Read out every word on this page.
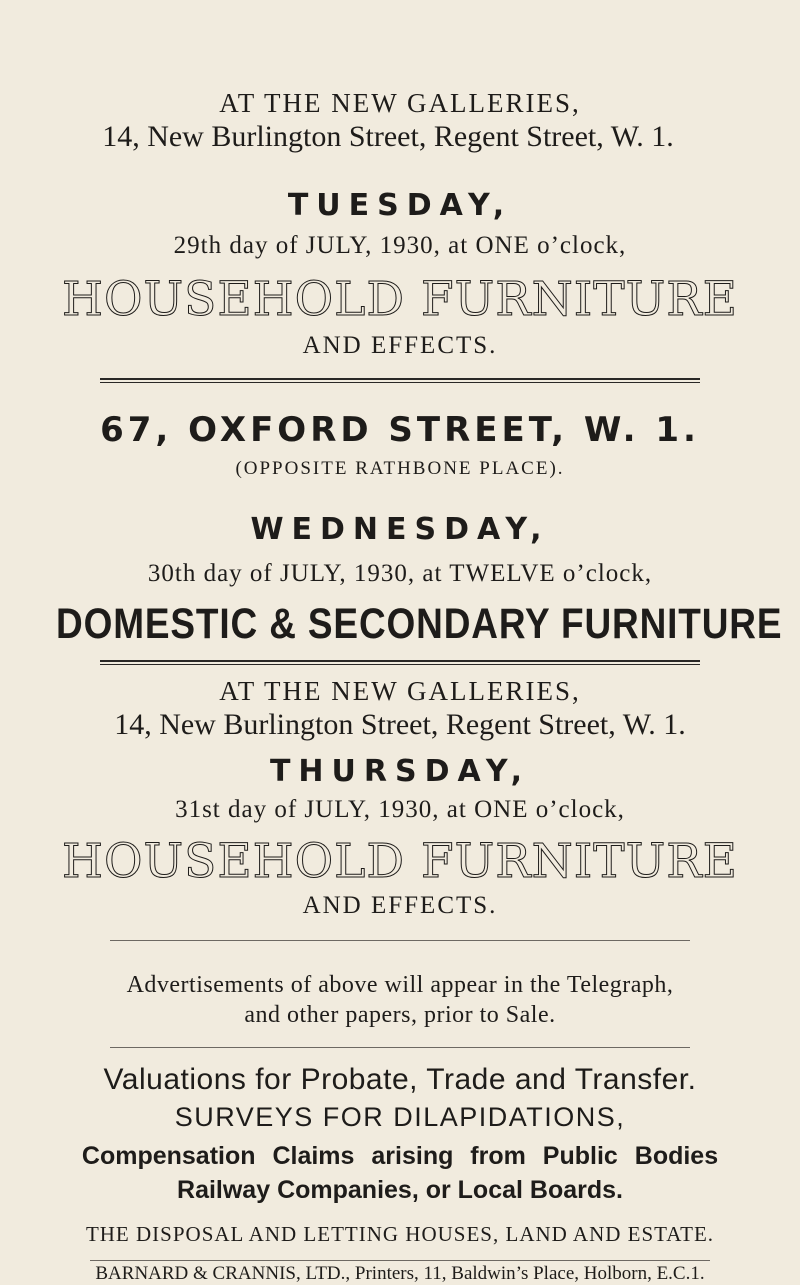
AT THE NEW GALLERIES,
14, New Burlington Street, Regent Street, W. 1.
TUESDAY,
29th day of JULY, 1930, at ONE o’clock,
HOUSEHOLD FURNITURE
AND EFFECTS.
67, OXFORD STREET, W. 1.
(OPPOSITE RATHBONE PLACE).
WEDNESDAY,
30th day of JULY, 1930, at TWELVE o’clock,
DOMESTIC & SECONDARY FURNITURE
AT THE NEW GALLERIES,
14, New Burlington Street, Regent Street, W. 1.
THURSDAY,
31st day of JULY, 1930, at ONE o’clock,
HOUSEHOLD FURNITURE
AND EFFECTS.
Advertisements of above will appear in the Telegraph,
and other papers, prior to Sale.
Valuations for Probate, Trade and Transfer.
SURVEYS FOR DILAPIDATIONS,
Compensation Claims arising from Public Bodies
Railway Companies, or Local Boards.
THE DISPOSAL AND LETTING HOUSES, LAND AND ESTATE.
BARNARD & CRANNIS, LTD., Printers, 11, Baldwin’s Place, Holborn, E.C.1.
